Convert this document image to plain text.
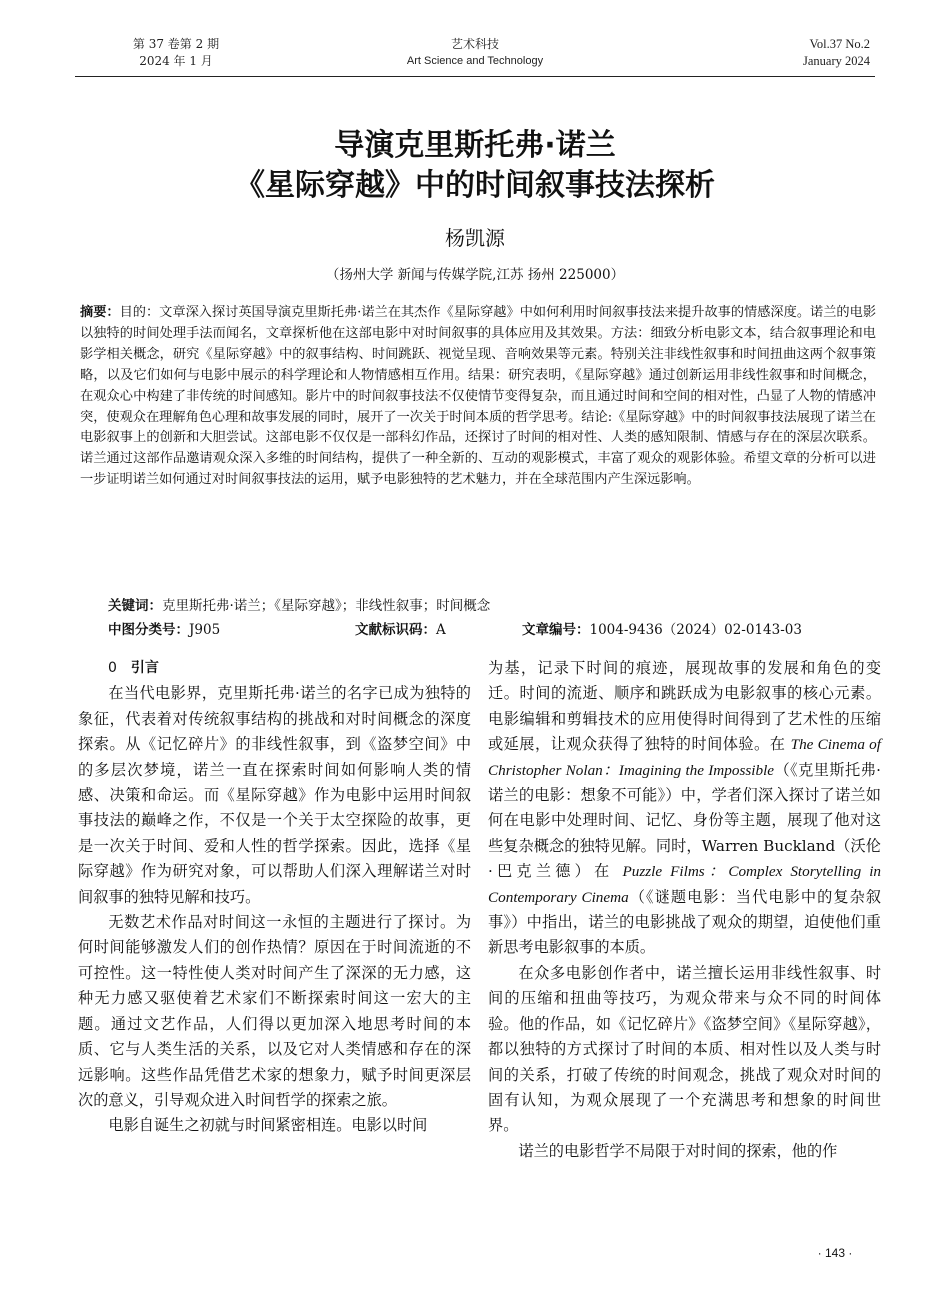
第 37 卷第 2 期
2024 年 1 月
艺术科技
Art Science and Technology
Vol.37 No.2
January 2024
导演克里斯托弗·诺兰
《星际穿越》中的时间叙事技法探析
杨凯源
（扬州大学 新闻与传媒学院,江苏 扬州 225000）

摘要：目的：文章深入探讨英国导演克里斯托弗·诺兰在其杰作《星际穿越》中如何利用时间叙事技法来提升故事的情感深度。诺兰的电影以独特的时间处理手法而闻名，文章探析他在这部电影中对时间叙事的具体应用及其效果。方法：细致分析电影文本，结合叙事理论和电影学相关概念，研究《星际穿越》中的叙事结构、时间跳跃、视觉呈现、音响效果等元素。特别关注非线性叙事和时间扭曲这两个叙事策略，以及它们如何与电影中展示的科学理论和人物情感相互作用。结果：研究表明，《星际穿越》通过创新运用非线性叙事和时间概念，在观众心中构建了非传统的时间感知。影片中的时间叙事技法不仅使情节变得复杂，而且通过时间和空间的相对性，凸显了人物的情感冲突，使观众在理解角色心理和故事发展的同时，展开了一次关于时间本质的哲学思考。结论:《星际穿越》中的时间叙事技法展现了诺兰在电影叙事上的创新和大胆尝试。这部电影不仅仅是一部科幻作品，还探讨了时间的相对性、人类的感知限制、情感与存在的深层次联系。诺兰通过这部作品邀请观众深入多维的时间结构，提供了一种全新的、互动的观影模式，丰富了观众的观影体验。希望文章的分析可以进一步证明诺兰如何通过对时间叙事技法的运用，赋予电影独特的艺术魅力，并在全球范围内产生深远影响。

关键词：克里斯托弗·诺兰；《星际穿越》；非线性叙事；时间概念
中图分类号：J905	文献标识码：A	文章编号：1004-9436（2024）02-0143-03

0 引言

在当代电影界，克里斯托弗·诺兰的名字已成为独特的象征，代表着对传统叙事结构的挑战和对时间概念的深度探索。从《记忆碎片》的非线性叙事，到《盗梦空间》中的多层次梦境，诺兰一直在探索时间如何影响人类的情感、决策和命运。而《星际穿越》作为电影中运用时间叙事技法的巅峰之作，不仅是一个关于太空探险的故事，更是一次关于时间、爱和人性的哲学探索。因此，选择《星际穿越》作为研究对象，可以帮助人们深入理解诺兰对时间叙事的独特见解和技巧。

无数艺术作品对时间这一永恒的主题进行了探讨。为何时间能够激发人们的创作热情？原因在于时间流逝的不可控性。这一特性使人类对时间产生了深深的无力感，这种无力感又驱使着艺术家们不断探索时间这一宏大的主题。通过文艺作品，人们得以更加深入地思考时间的本质、它与人类生活的关系，以及它对人类情感和存在的深远影响。这些作品凭借艺术家的想象力，赋予时间更深层次的意义，引导观众进入时间哲学的探索之旅。

电影自诞生之初就与时间紧密相连。电影以时间

为基，记录下时间的痕迹，展现故事的发展和角色的变迁。时间的流逝、顺序和跳跃成为电影叙事的核心元素。电影编辑和剪辑技术的应用使得时间得到了艺术性的压缩或延展，让观众获得了独特的时间体验。在 The Cinema of Christopher Nolan：Imagining the Impossible（《克里斯托弗·诺兰的电影：想象不可能》）中，学者们深入探讨了诺兰如何在电影中处理时间、记忆、身份等主题，展现了他对这些复杂概念的独特见解。同时，Warren Buckland（沃伦·巴克兰德）在 Puzzle Films：Complex Storytelling in Contemporary Cinema（《谜题电影：当代电影中的复杂叙事》）中指出，诺兰的电影挑战了观众的期望，迫使他们重新思考电影叙事的本质。

在众多电影创作者中，诺兰擅长运用非线性叙事、时间的压缩和扭曲等技巧，为观众带来与众不同的时间体验。他的作品，如《记忆碎片》《盗梦空间》《星际穿越》，都以独特的方式探讨了时间的本质、相对性以及人类与时间的关系，打破了传统的时间观念，挑战了观众对时间的固有认知，为观众展现了一个充满思考和想象的时间世界。

诺兰的电影哲学不局限于对时间的探索，他的作

· 143 ·
